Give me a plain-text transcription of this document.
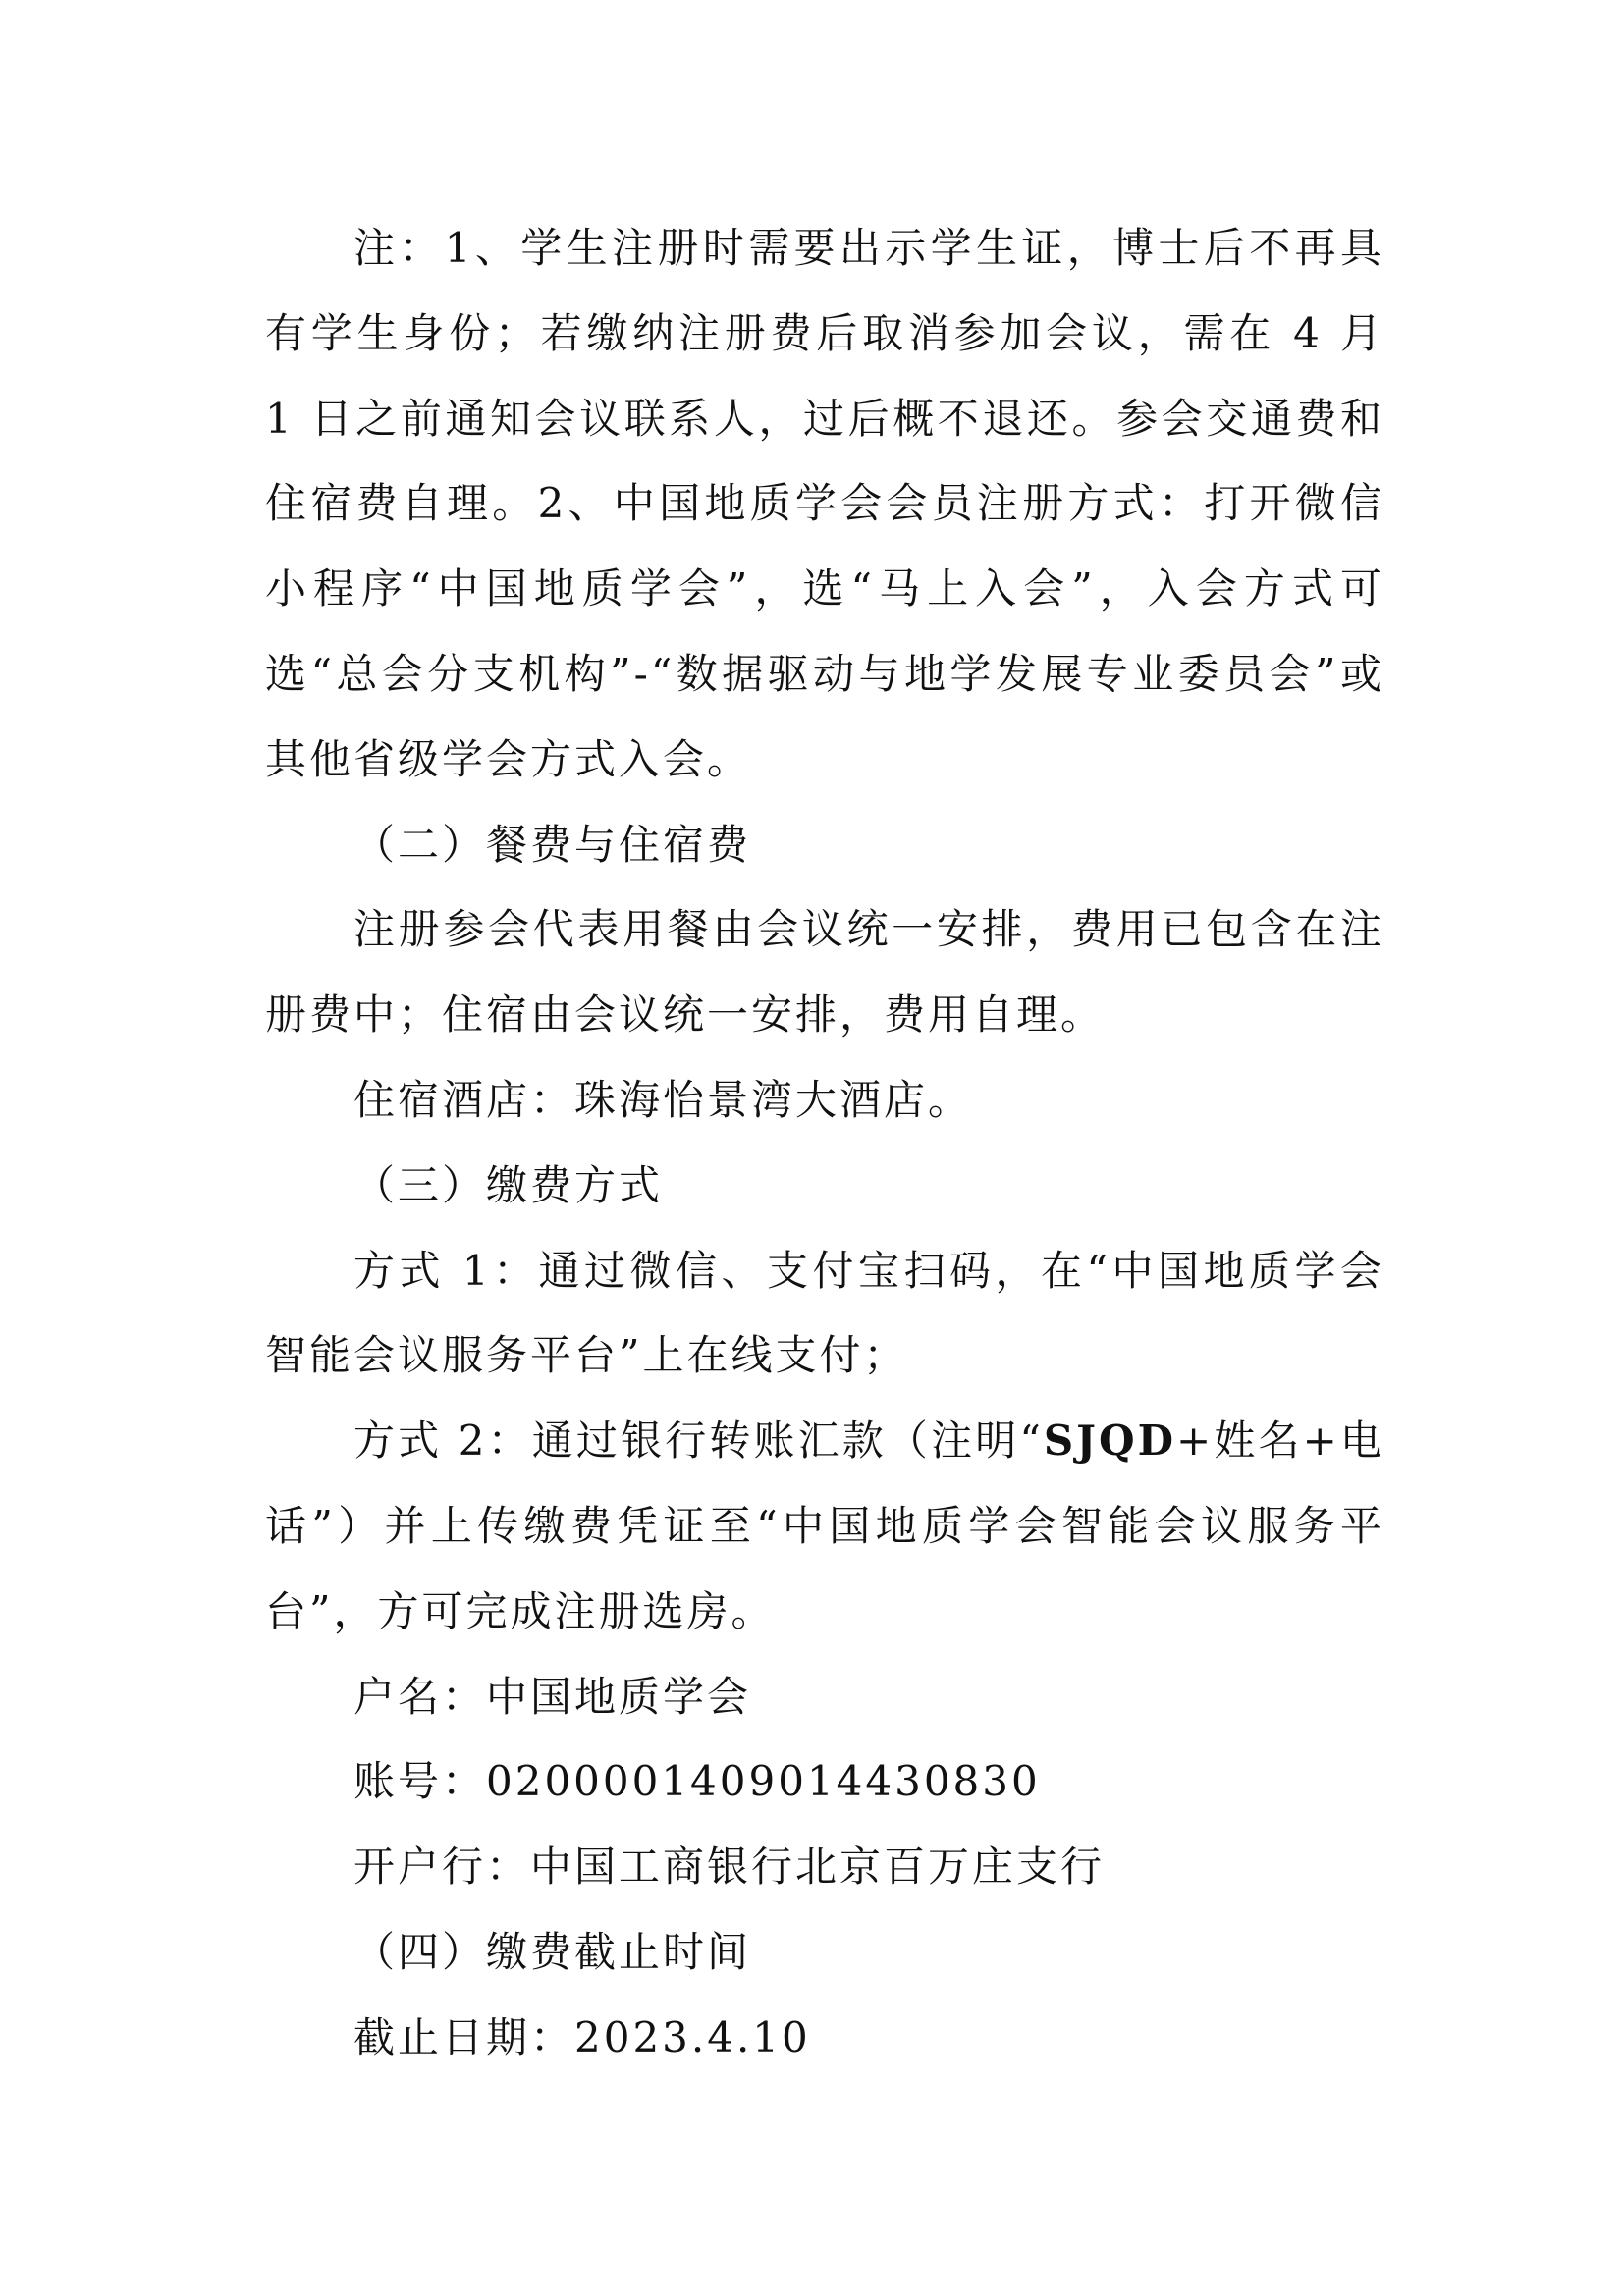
注：1、学生注册时需要出示学生证，博士后不再具有学生身份；若缴纳注册费后取消参加会议，需在 4 月 1 日之前通知会议联系人，过后概不退还。参会交通费和住宿费自理。2、中国地质学会会员注册方式：打开微信小程序“中国地质学会”，选“马上入会”，入会方式可选“总会分支机构”-“数据驱动与地学发展专业委员会”或其他省级学会方式入会。

（二）餐费与住宿费

注册参会代表用餐由会议统一安排，费用已包含在注册费中；住宿由会议统一安排，费用自理。

住宿酒店：珠海怡景湾大酒店。

（三）缴费方式

方式 1：通过微信、支付宝扫码，在“中国地质学会智能会议服务平台”上在线支付；

方式 2：通过银行转账汇款（注明“SJQD+姓名+电话”）并上传缴费凭证至“中国地质学会智能会议服务平台”，方可完成注册选房。

户名：中国地质学会

账号：0200001409014430830

开户行：中国工商银行北京百万庄支行

（四）缴费截止时间

截止日期：2023.4.10
